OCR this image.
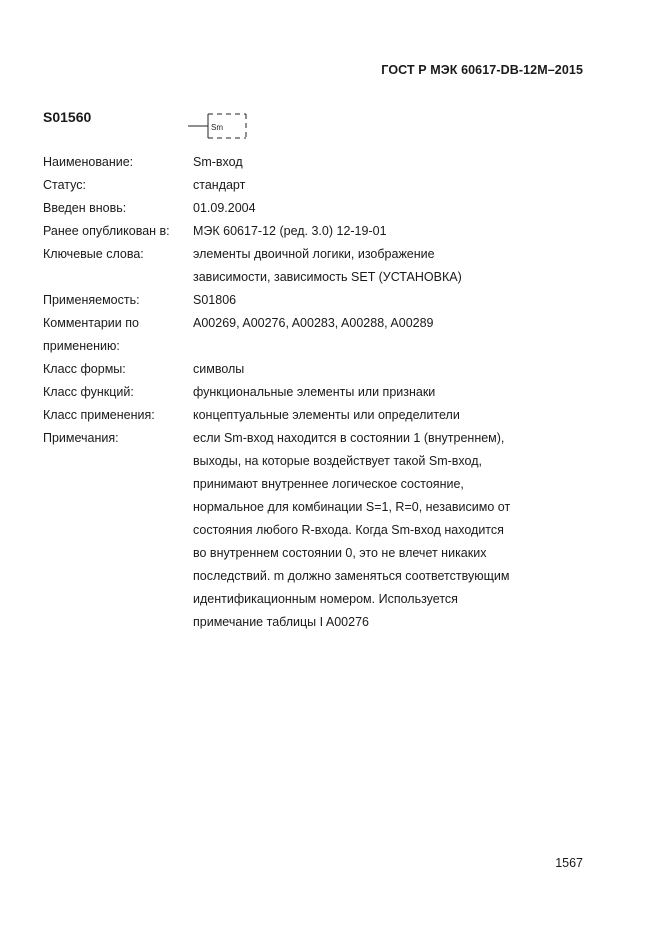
ГОСТ Р МЭК 60617-DB-12M–2015
S01560
Sm
Наименование:	Sm-вход
Статус:	стандарт
Введен вновь:	01.09.2004
Ранее опубликован в:	МЭК 60617-12 (ред. 3.0) 12-19-01
Ключевые слова:	элементы двоичной логики, изображение
зависимости, зависимость SET (УСТАНОВКА)
Применяемость:	S01806
Комментарии по
применению:
A00269, A00276, A00283, A00288, A00289
Класс формы:	символы
Класс функций:	функциональные элементы или признаки
Класс применения:	концептуальные элементы или определители
Примечания:	если Sm-вход находится в состоянии 1 (внутреннем),
выходы, на которые воздействует такой Sm-вход,
принимают внутреннее логическое состояние,
нормальное для комбинации S=1, R=0, независимо от
состояния любого R-входа. Когда Sm-вход находится
во внутреннем состоянии 0, это не влечет никаких
последствий. m должно заменяться соответствующим
идентификационным номером. Используется
примечание таблицы I A00276
1567
